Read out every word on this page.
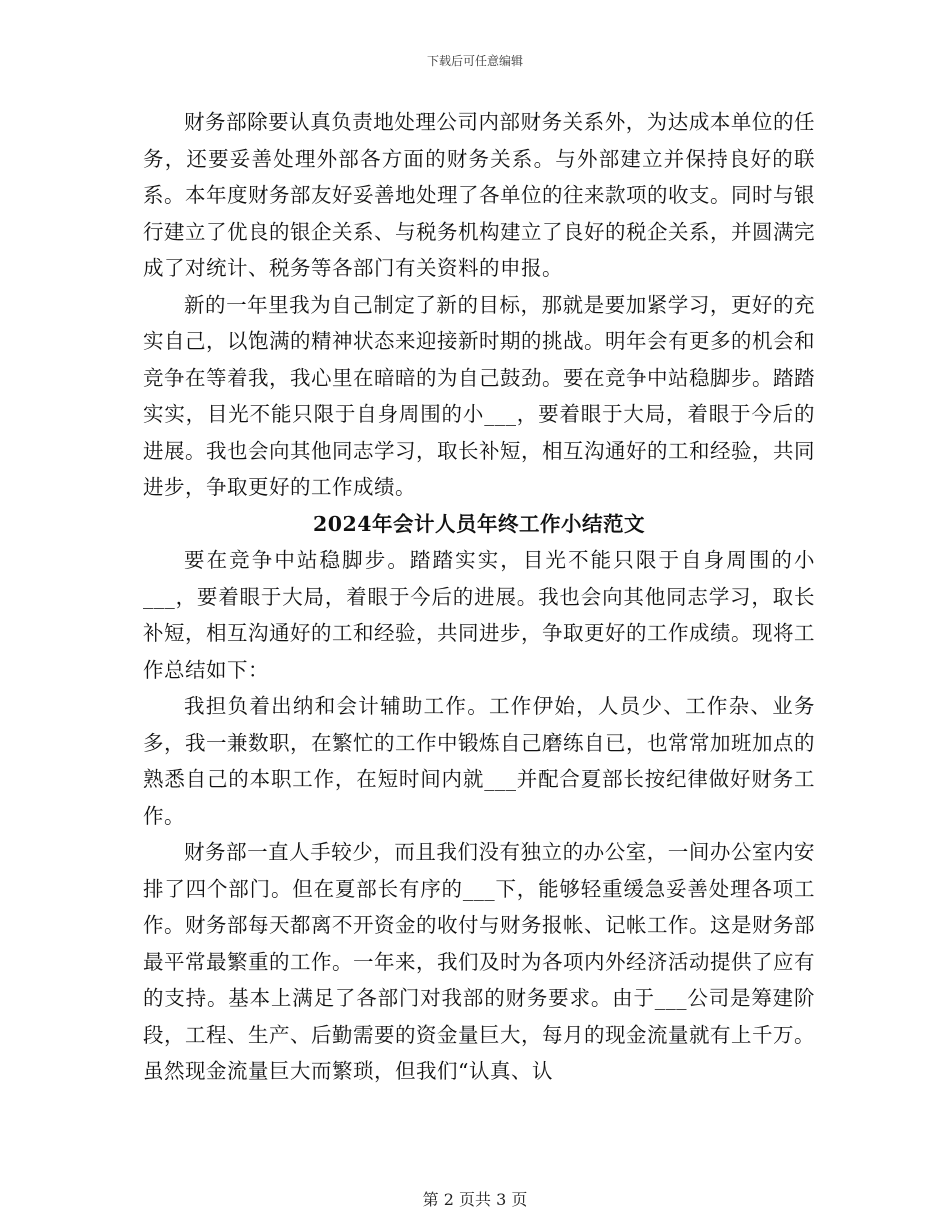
下载后可任意编辑

财务部除要认真负责地处理公司内部财务关系外，为达成本单位的任务，还要妥善处理外部各方面的财务关系。与外部建立并保持良好的联系。本年度财务部友好妥善地处理了各单位的往来款项的收支。同时与银行建立了优良的银企关系、与税务机构建立了良好的税企关系，并圆满完成了对统计、税务等各部门有关资料的申报。

新的一年里我为自己制定了新的目标，那就是要加紧学习，更好的充实自己，以饱满的精神状态来迎接新时期的挑战。明年会有更多的机会和竞争在等着我，我心里在暗暗的为自己鼓劲。要在竞争中站稳脚步。踏踏实实，目光不能只限于自身周围的小___，要着眼于大局，着眼于今后的进展。我也会向其他同志学习，取长补短，相互沟通好的工和经验，共同进步，争取更好的工作成绩。

2024年会计人员年终工作小结范文

要在竞争中站稳脚步。踏踏实实，目光不能只限于自身周围的小___，要着眼于大局，着眼于今后的进展。我也会向其他同志学习，取长补短，相互沟通好的工和经验，共同进步，争取更好的工作成绩。现将工作总结如下：

我担负着出纳和会计辅助工作。工作伊始，人员少、工作杂、业务多，我一兼数职，在繁忙的工作中锻炼自己磨练自已，也常常加班加点的熟悉自己的本职工作，在短时间内就___并配合夏部长按纪律做好财务工作。

财务部一直人手较少，而且我们没有独立的办公室，一间办公室内安排了四个部门。但在夏部长有序的___下，能够轻重缓急妥善处理各项工作。财务部每天都离不开资金的收付与财务报帐、记帐工作。这是财务部最平常最繁重的工作。一年来，我们及时为各项内外经济活动提供了应有的支持。基本上满足了各部门对我部的财务要求。由于___公司是筹建阶段，工程、生产、后勤需要的资金量巨大，每月的现金流量就有上千万。虽然现金流量巨大而繁琐，但我们“认真、认

第 2 页共 3 页
